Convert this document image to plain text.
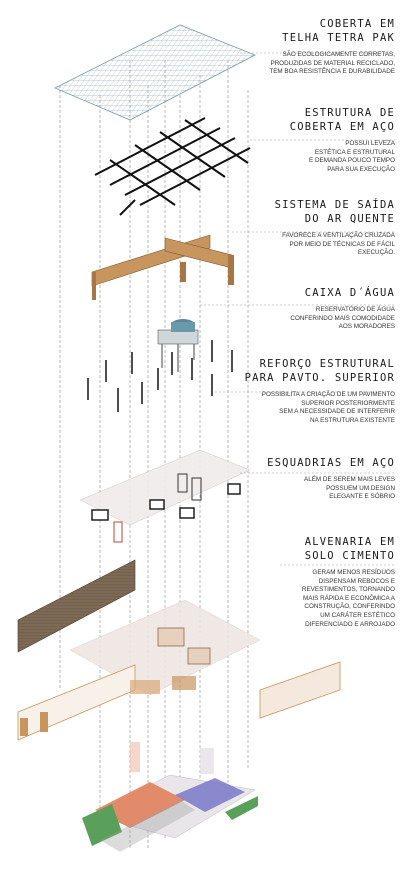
COBERTA EM
TELHA TETRA PAK
SÃO ECOLOGICAMENTE CORRETAS,
PRODUZIDAS DE MATERIAL RECICLADO,
TEM BOA RESISTÊNCIA E DURABILIDADE
ESTRUTURA DE
COBERTA EM AÇO
POSSUI LEVEZA
ESTÉTICA E ESTRUTURAL
E DEMANDA POUCO TEMPO
PARA SUA EXECUÇÃO
SISTEMA DE SAÍDA
DO AR QUENTE
FAVORECE A VENTILAÇÃO CRUZADA
POR MEIO DE TÉCNICAS DE FÁCIL
EXECUÇÃO.
CAIXA D´ÁGUA
RESERVATÓRIO DE ÁGUA
CONFERINDO MAIS COMODIDADE
AOS MORADORES
REFORÇO ESTRUTURAL
PARA PAVTO. SUPERIOR
POSSIBILITA A CRIAÇÃO DE UM PAVIMENTO
SUPERIOR POSTERIORMENTE
SEM A NECESSIDADE DE INTERFERIR
NA ESTRUTURA EXISTENTE
ESQUADRIAS EM AÇO
ALÉM DE SEREM MAIS LEVES
POSSUEM UM DESIGN
ELEGANTE E SÓBRIO
ALVENARIA EM
SOLO CIMENTO
GERAM MENOS RESÍDUOS
DISPENSAM REBOCOS E
REVESTIMENTOS, TORNANDO
MAIS RÁPIDA E ECONÔMICA A
CONSTRUÇÃO, CONFERINDO
UM CARÁTER ESTÉTICO
DIFERENCIADO E ARROJADO
